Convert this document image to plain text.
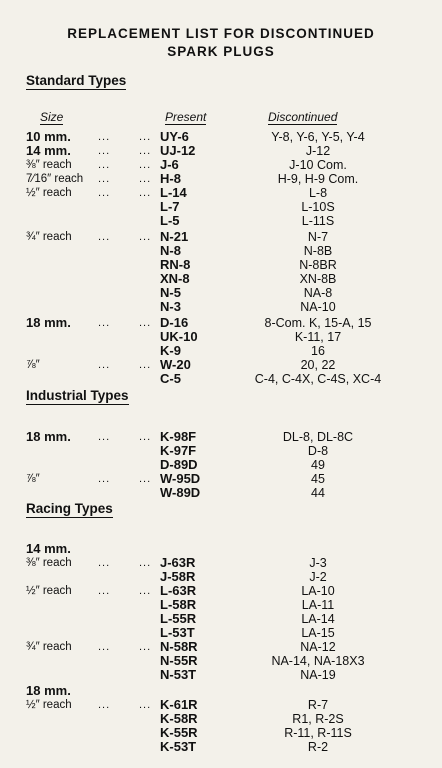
REPLACEMENT LIST FOR DISCONTINUED
SPARK PLUGS
Standard Types
Size	Present	Discontinued
Industrial Types
Racing Types
10 mm. ...	... UY-6	Y-8, Y-6, Y-5, Y-4
14 mm. ...	... UJ-12	J-12
⅜″ reach ...	... J-6	J-10 Com.
7⁄16″ reach ...	... H-8	H-9, H-9 Com.
½″ reach ...	... L-14	L-8
L-7	L-10S
L-5	L-11S
¾″ reach ...	... N-21	N-7
N-8	N-8B
RN-8	N-8BR
XN-8	XN-8B
N-5	NA-8
N-3	NA-10
18 mm. ...	... D-16	8-Com. K, 15-A, 15
UK-10	K-11, 17
K-9	16
⅞″	...	... W-20	20, 22
C-5	C-4, C-4X, C-4S, XC-4
18 mm. ...	... K-98F	DL-8, DL-8C
K-97F	D-8
D-89D	49
⅞″	...	... W-95D	45
W-89D	44
14 mm.
⅜″ reach ...	... J-63R	J-3
J-58R	J-2
½″ reach ...	... L-63R	LA-10
L-58R	LA-11
L-55R	LA-14
L-53T	LA-15
¾″ reach ...	... N-58R	NA-12
N-55R	NA-14, NA-18X3
N-53T	NA-19
18 mm.
½″ reach ...	... K-61R	R-7
K-58R	R1, R-2S
K-55R	R-11, R-11S
K-53T	R-2
